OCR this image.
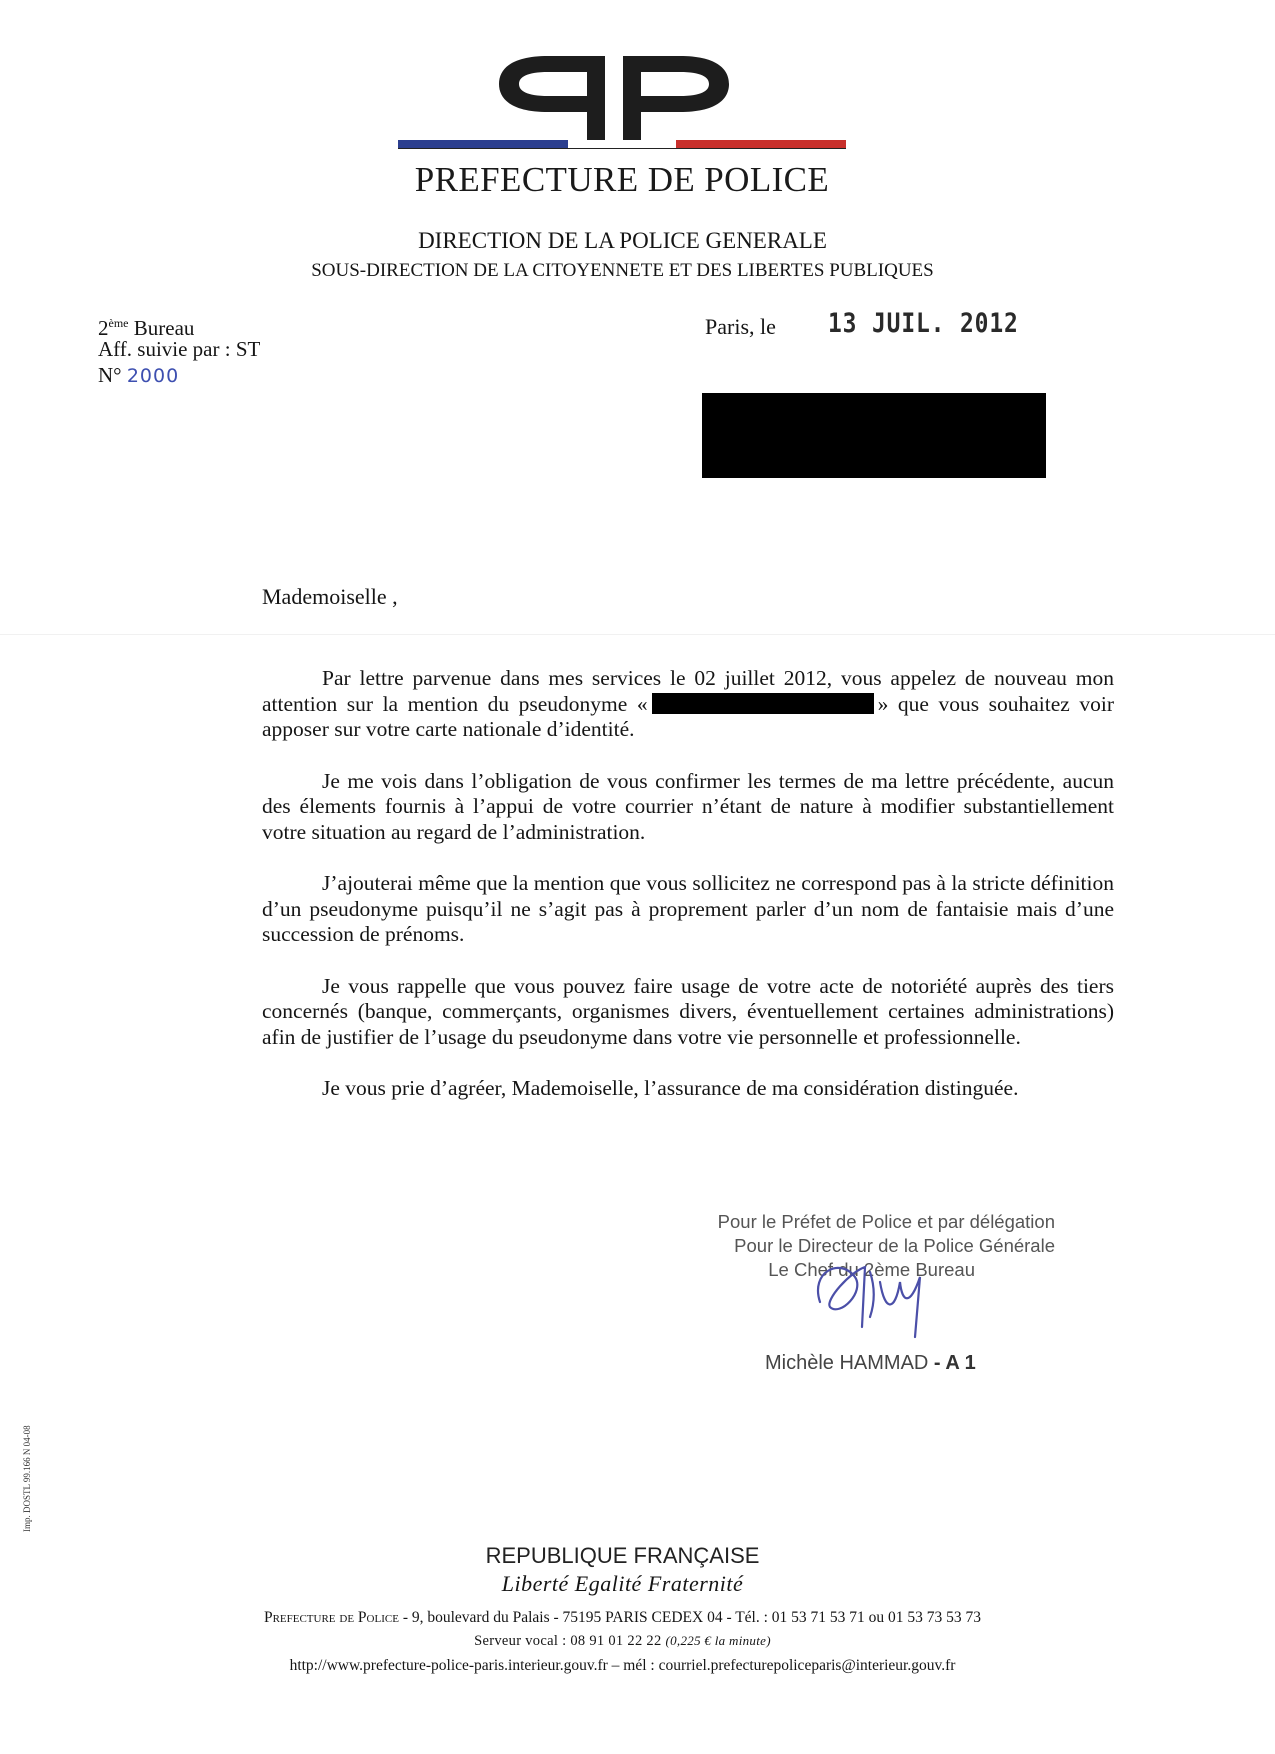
PREFECTURE DE POLICE
DIRECTION DE LA POLICE GENERALE
SOUS-DIRECTION DE LA CITOYENNETE ET DES LIBERTES PUBLIQUES
2ème Bureau
Aff. suivie par : ST
N° 2000
Paris, le 13 JUIL. 2012
Mademoiselle ,

Par lettre parvenue dans mes services le 02 juillet 2012, vous appelez de nouveau mon attention sur la mention du pseudonyme «	» que vous souhaitez voir apposer sur votre carte nationale d’identité.

Je me vois dans l’obligation de vous confirmer les termes de ma lettre précédente, aucun des élements fournis à l’appui de votre courrier n’étant de nature à modifier substantiellement votre situation au regard de l’administration.

J’ajouterai même que la mention que vous sollicitez ne correspond pas à la stricte définition d’un pseudonyme puisqu’il ne s’agit pas à proprement parler d’un nom de fantaisie mais d’une succession de prénoms.

Je vous rappelle que vous pouvez faire usage de votre acte de notoriété auprès des tiers concernés (banque, commerçants, organismes divers, éventuellement certaines administrations) afin de justifier de l’usage du pseudonyme dans votre vie personnelle et professionnelle.

Je vous prie d’agréer, Mademoiselle, l’assurance de ma considération distinguée.

Pour le Préfet de Police et par délégation
Pour le Directeur de la Police Générale
Le Chef du 2ème Bureau
Michèle HAMMAD - A 1
Imp. DOSTL 99.166 N 04-08
REPUBLIQUE FRANÇAISE
Liberté Egalité Fraternité
Prefecture de Police - 9, boulevard du Palais - 75195 PARIS CEDEX 04 - Tél. : 01 53 71 53 71 ou 01 53 73 53 73
Serveur vocal : 08 91 01 22 22 (0,225 € la minute)
http://www.prefecture-police-paris.interieur.gouv.fr – mél : courriel.prefecturepoliceparis@interieur.gouv.fr
